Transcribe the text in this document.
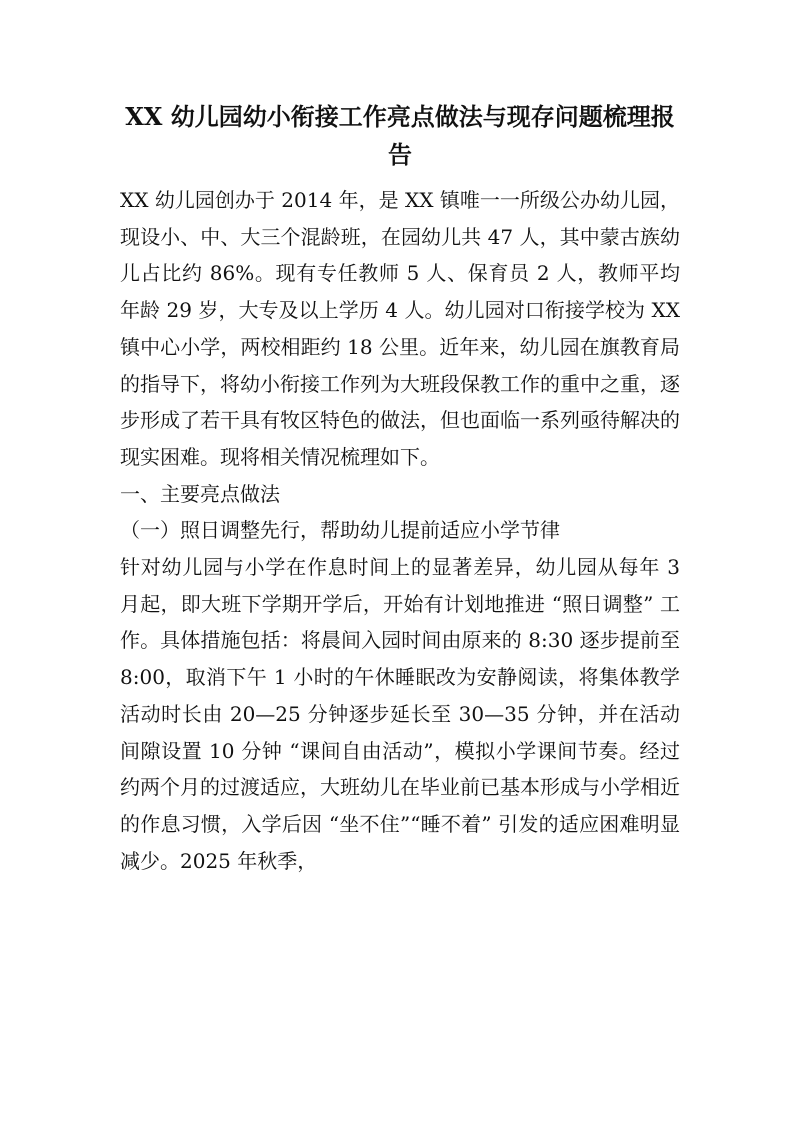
XX 幼儿园幼小衔接工作亮点做法与现存问题梳理报告

XX 幼儿园创办于 2014 年，是 XX 镇唯一一所级公办幼儿园，现设小、中、大三个混龄班，在园幼儿共 47 人，其中蒙古族幼儿占比约 86%。现有专任教师 5 人、保育员 2 人，教师平均年龄 29 岁，大专及以上学历 4 人。幼儿园对口衔接学校为 XX 镇中心小学，两校相距约 18 公里。近年来，幼儿园在旗教育局的指导下，将幼小衔接工作列为大班段保教工作的重中之重，逐步形成了若干具有牧区特色的做法，但也面临一系列亟待解决的现实困难。现将相关情况梳理如下。

一、主要亮点做法

（一）照日调整先行，帮助幼儿提前适应小学节律

针对幼儿园与小学在作息时间上的显著差异，幼儿园从每年 3 月起，即大班下学期开学后，开始有计划地推进 “照日调整” 工作。具体措施包括：将晨间入园时间由原来的 8:30 逐步提前至 8:00，取消下午 1 小时的午休睡眠改为安静阅读，将集体教学活动时长由 20—25 分钟逐步延长至 30—35 分钟，并在活动间隙设置 10 分钟 “课间自由活动”，模拟小学课间节奏。经过约两个月的过渡适应，大班幼儿在毕业前已基本形成与小学相近的作息习惯，入学后因 “坐不住”“睡不着” 引发的适应困难明显减少。2025 年秋季，
